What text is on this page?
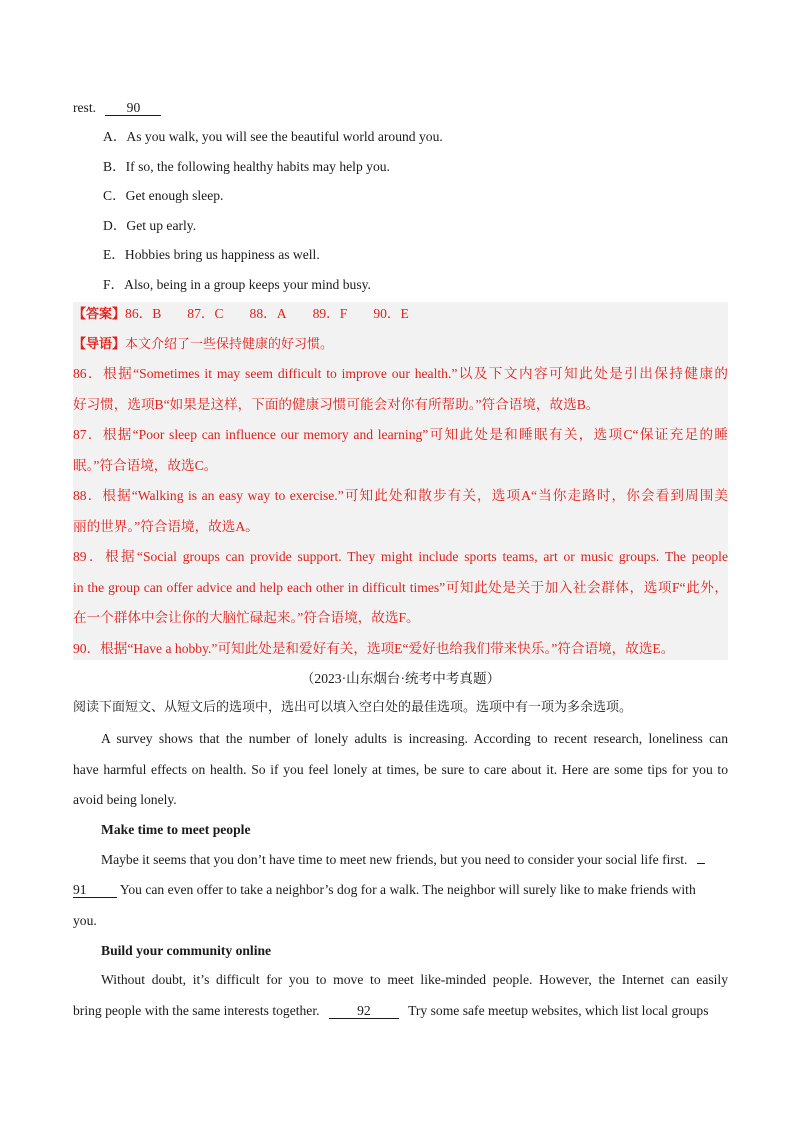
rest. 90
A．As you walk, you will see the beautiful world around you.
B．If so, the following healthy habits may help you.
C．Get enough sleep.
D．Get up early.
E．Hobbies bring us happiness as well.
F．Also, being in a group keeps your mind busy.
【答案】86．B 87．C 88．A 89．F 90．E
【导语】本文介绍了一些保持健康的好习惯。
86．根据“Sometimes it may seem difficult to improve our health.”以及下文内容可知此处是引出保持健康的
好习惯，选项B“如果是这样，下面的健康习惯可能会对你有所帮助。”符合语境，故选B。
87．根据“Poor sleep can influence our memory and learning”可知此处是和睡眠有关，选项C“保证充足的睡
眠。”符合语境，故选C。
88．根据“Walking is an easy way to exercise.”可知此处和散步有关，选项A“当你走路时，你会看到周围美
丽的世界。”符合语境，故选A。
89．根据“Social groups can provide support. They might include sports teams, art or music groups. The people
in the group can offer advice and help each other in difficult times”可知此处是关于加入社会群体，选项F“此外，
在一个群体中会让你的大脑忙碌起来。”符合语境，故选F。
90．根据“Have a hobby.”可知此处是和爱好有关，选项E“爱好也给我们带来快乐。”符合语境，故选E。
（2023·山东烟台·统考中考真题）
阅读下面短文、从短文后的选项中，选出可以填入空白处的最佳选项。选项中有一项为多余选项。
A survey shows that the number of lonely adults is increasing. According to recent research, loneliness can
have harmful effects on health. So if you feel lonely at times, be sure to care about it. Here are some tips for you to
avoid being lonely.
Make time to meet people
Maybe it seems that you don’t have time to meet new friends, but you need to consider your social life first.
91 You can even offer to take a neighbor’s dog for a walk. The neighbor will surely like to make friends with
you.
Build your community online
Without doubt, it’s difficult for you to move to meet like-minded people. However, the Internet can easily
bring people with the same interests together.	92	Try some safe meetup websites, which list local groups
